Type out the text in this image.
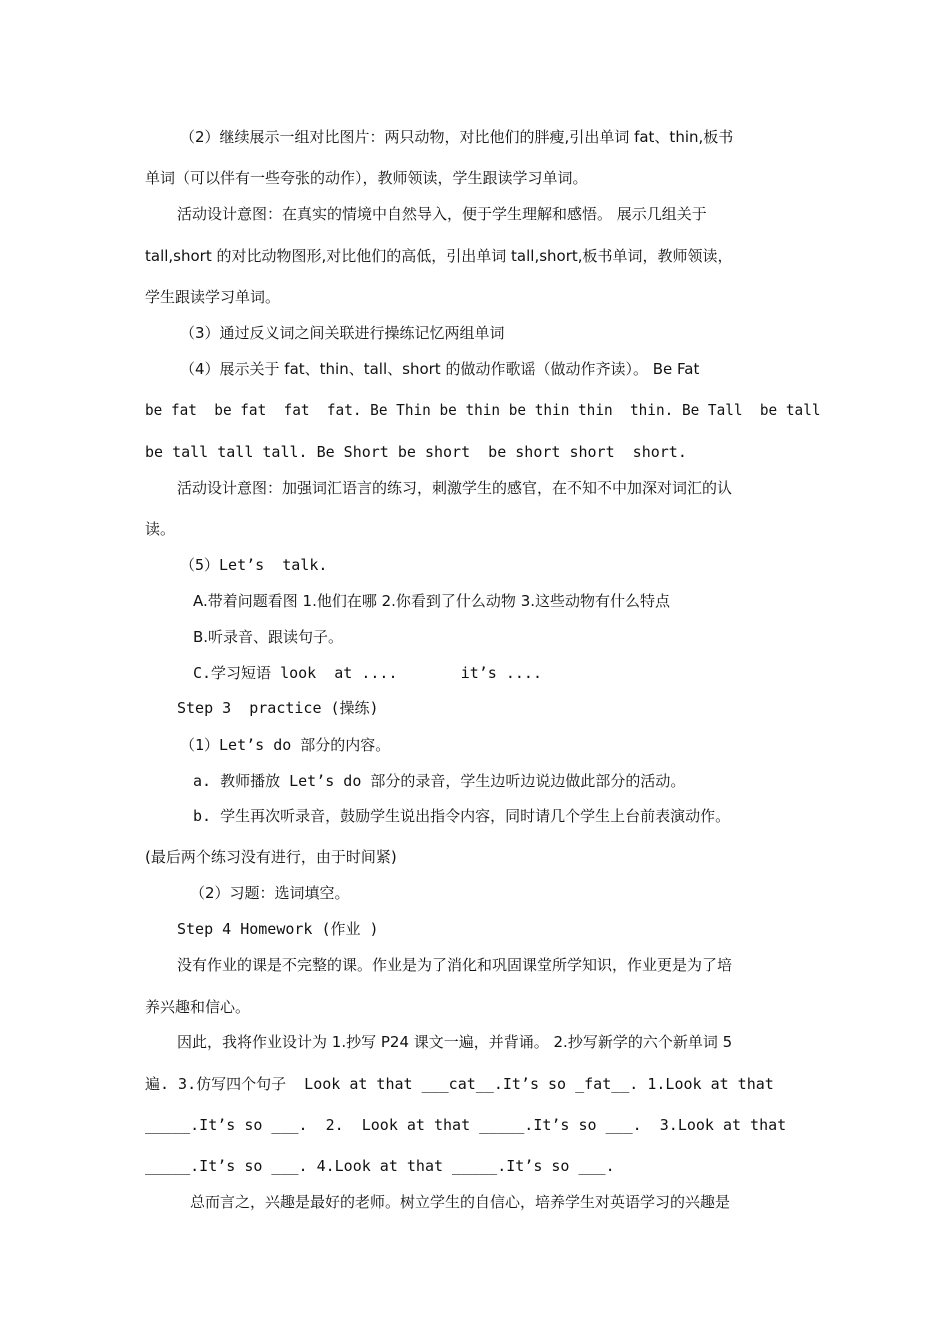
（2）继续展示一组对比图片：两只动物，对比他们的胖瘦,引出单词 fat、thin,板书
单词（可以伴有一些夸张的动作），教师领读，学生跟读学习单词。
活动设计意图：在真实的情境中自然导入，便于学生理解和感悟。 展示几组关于
tall,short 的对比动物图形,对比他们的高低，引出单词 tall,short,板书单词，教师领读，
学生跟读学习单词。
（3）通过反义词之间关联进行操练记忆两组单词
（4）展示关于 fat、thin、tall、short 的做动作歌谣（做动作齐读）。 Be Fat
be fat  be fat  fat  fat. Be Thin be thin be thin thin  thin. Be Tall  be tall
be tall tall tall. Be Short be short  be short short  short.
活动设计意图：加强词汇语言的练习，刺激学生的感官，在不知不中加深对词汇的认
读。
（5）Let’s  talk.
A.带着问题看图 1.他们在哪 2.你看到了什么动物 3.这些动物有什么特点
B.听录音、跟读句子。
C.学习短语 look  at ....       it’s ....
Step 3  practice (操练)
（1）Let’s do 部分的内容。
a. 教师播放 Let’s do 部分的录音，学生边听边说边做此部分的活动。
b. 学生再次听录音，鼓励学生说出指令内容，同时请几个学生上台前表演动作。
(最后两个练习没有进行，由于时间紧)
（2）习题：选词填空。
Step 4 Homework (作业 )
没有作业的课是不完整的课。作业是为了消化和巩固课堂所学知识，作业更是为了培
养兴趣和信心。
因此，我将作业设计为 1.抄写 P24 课文一遍，并背诵。 2.抄写新学的六个新单词 5
遍. 3.仿写四个句子  Look at that ___cat__.It’s so _fat__. 1.Look at that
_____.It’s so ___.  2.  Look at that _____.It’s so ___.  3.Look at that
_____.It’s so ___. 4.Look at that _____.It’s so ___.
总而言之，兴趣是最好的老师。树立学生的自信心，培养学生对英语学习的兴趣是
